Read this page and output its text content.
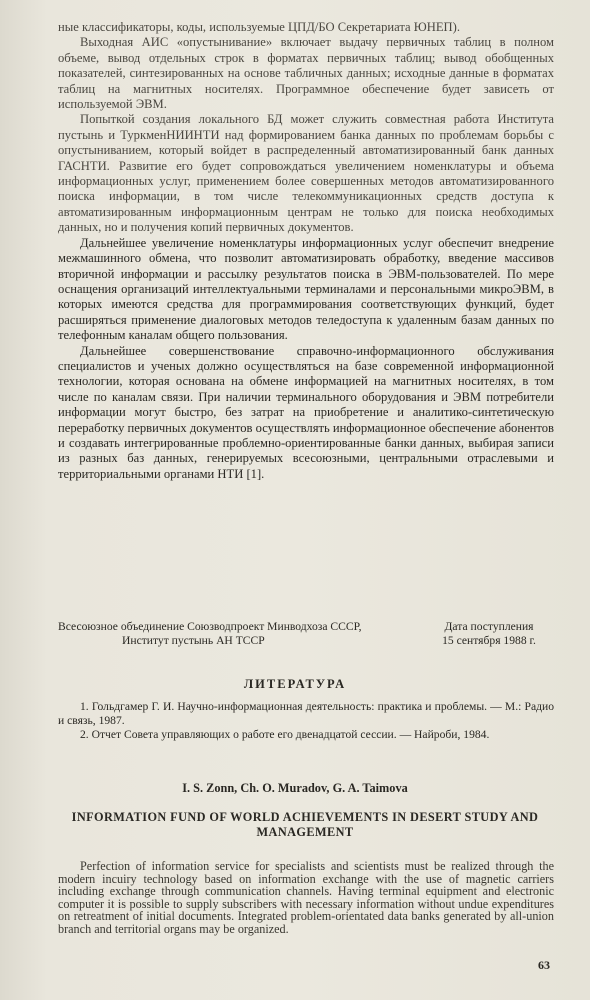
ные классификаторы, коды, используемые ЦПД/БО Секретариата ЮНЕП).

Выходная АИС «опустынивание» включает выдачу первичных таблиц в полном объеме, вывод отдельных строк в форматах первичных таблиц; вывод обобщенных показателей, синтезированных на основе табличных данных; исходные данные в форматах таблиц на магнитных носителях. Программное обеспечение будет зависеть от используемой ЭВМ.

Попыткой создания локального БД может служить совместная работа Института пустынь и ТуркменНИИНТИ над формированием банка данных по проблемам борьбы с опустыниванием, который войдет в распределенный автоматизированный банк данных ГАСНТИ. Развитие его будет сопровождаться увеличением номенклатуры и объема информационных услуг, применением более совершенных методов автоматизированного поиска информации, в том числе телекоммуникационных средств доступа к автоматизированным информационным центрам не только для поиска необходимых данных, но и получения копий первичных документов.

Дальнейшее увеличение номенклатуры информационных услуг обеспечит внедрение межмашинного обмена, что позволит автоматизировать обработку, введение массивов вторичной информации и рассылку результатов поиска в ЭВМ-пользователей. По мере оснащения организаций интеллектуальными терминалами и персональными микроЭВМ, в которых имеются средства для программирования соответствующих функций, будет расширяться применение диалоговых методов теледоступа к удаленным базам данных по телефонным каналам общего пользования.

Дальнейшее совершенствование справочно-информационного обслуживания специалистов и ученых должно осуществляться на базе современной информационной технологии, которая основана на обмене информацией на магнитных носителях, в том числе по каналам связи. При наличии терминального оборудования и ЭВМ потребители информации могут быстро, без затрат на приобретение и аналитико-синтетическую переработку первичных документов осуществлять информационное обеспечение абонентов и создавать интегрированные проблемно-ориентированные банки данных, выбирая записи из разных баз данных, генерируемых всесоюзными, центральными отраслевыми и территориальными органами НТИ [1].

Всесоюзное объединение Союзводпроект Минводхоза СССР,
Институт пустынь АН ТССР
Дата поступления
15 сентября 1988 г.
ЛИТЕРАТУРА

1. Гольдгамер Г. И. Научно-информационная деятельность: практика и проблемы. — М.: Радио и связь, 1987.

2. Отчет Совета управляющих о работе его двенадцатой сессии. — Найроби, 1984.

I. S. Zonn, Ch. O. Muradov, G. A. Taimova
INFORMATION FUND OF WORLD ACHIEVEMENTS IN DESERT STUDY AND MANAGEMENT

Perfection of information service for specialists and scientists must be realized through the modern incuiry technology based on information exchange with the use of magnetic carriers including exchange through communication channels. Having terminal equipment and electronic computer it is possible to supply subscribers with necessary information without undue expenditures on retreatment of initial documents. Integrated problem-orientated data banks generated by all-union branch and territorial organs may be organized.

63
